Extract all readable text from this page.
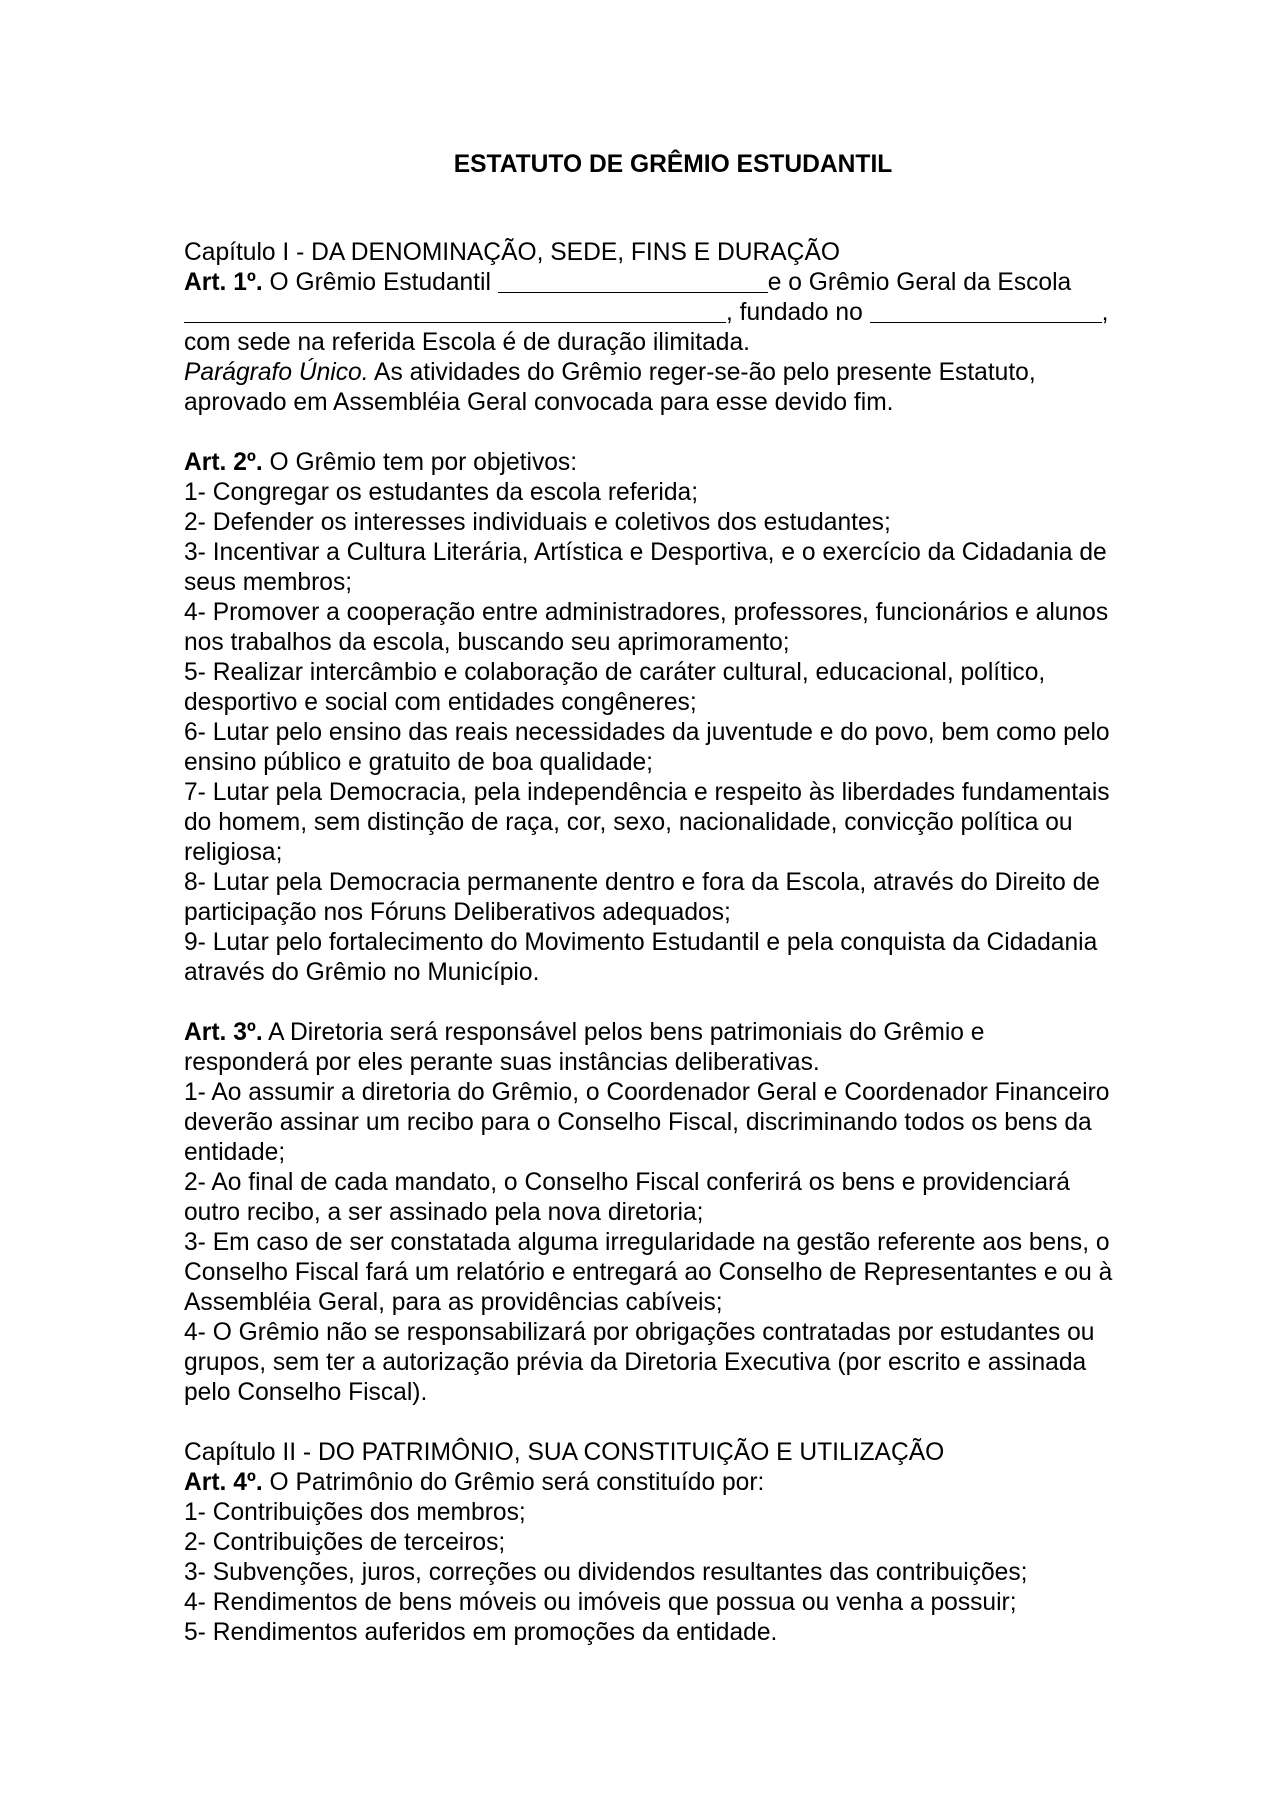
ESTATUTO DE GRÊMIO ESTUDANTIL
Capítulo I - DA DENOMINAÇÃO, SEDE, FINS E DURAÇÃO
Art. 1º. O Grêmio Estudantil	e o Grêmio Geral da Escola
, fundado no	,
com sede na referida Escola é de duração ilimitada.
Parágrafo Único. As atividades do Grêmio reger-se-ão pelo presente Estatuto,
aprovado em Assembléia Geral convocada para esse devido fim.
Art. 2º. O Grêmio tem por objetivos:
1- Congregar os estudantes da escola referida;
2- Defender os interesses individuais e coletivos dos estudantes;
3- Incentivar a Cultura Literária, Artística e Desportiva, e o exercício da Cidadania de
seus membros;
4- Promover a cooperação entre administradores, professores, funcionários e alunos
nos trabalhos da escola, buscando seu aprimoramento;
5- Realizar intercâmbio e colaboração de caráter cultural, educacional, político,
desportivo e social com entidades congêneres;
6- Lutar pelo ensino das reais necessidades da juventude e do povo, bem como pelo
ensino público e gratuito de boa qualidade;
7- Lutar pela Democracia, pela independência e respeito às liberdades fundamentais
do homem, sem distinção de raça, cor, sexo, nacionalidade, convicção política ou
religiosa;
8- Lutar pela Democracia permanente dentro e fora da Escola, através do Direito de
participação nos Fóruns Deliberativos adequados;
9- Lutar pelo fortalecimento do Movimento Estudantil e pela conquista da Cidadania
através do Grêmio no Município.
Art. 3º. A Diretoria será responsável pelos bens patrimoniais do Grêmio e
responderá por eles perante suas instâncias deliberativas.
1- Ao assumir a diretoria do Grêmio, o Coordenador Geral e Coordenador Financeiro
deverão assinar um recibo para o Conselho Fiscal, discriminando todos os bens da
entidade;
2- Ao final de cada mandato, o Conselho Fiscal conferirá os bens e providenciará
outro recibo, a ser assinado pela nova diretoria;
3- Em caso de ser constatada alguma irregularidade na gestão referente aos bens, o
Conselho Fiscal fará um relatório e entregará ao Conselho de Representantes e ou à
Assembléia Geral, para as providências cabíveis;
4- O Grêmio não se responsabilizará por obrigações contratadas por estudantes ou
grupos, sem ter a autorização prévia da Diretoria Executiva (por escrito e assinada
pelo Conselho Fiscal).
Capítulo II - DO PATRIMÔNIO, SUA CONSTITUIÇÃO E UTILIZAÇÃO
Art. 4º. O Patrimônio do Grêmio será constituído por:
1- Contribuições dos membros;
2- Contribuições de terceiros;
3- Subvenções, juros, correções ou dividendos resultantes das contribuições;
4- Rendimentos de bens móveis ou imóveis que possua ou venha a possuir;
5- Rendimentos auferidos em promoções da entidade.
